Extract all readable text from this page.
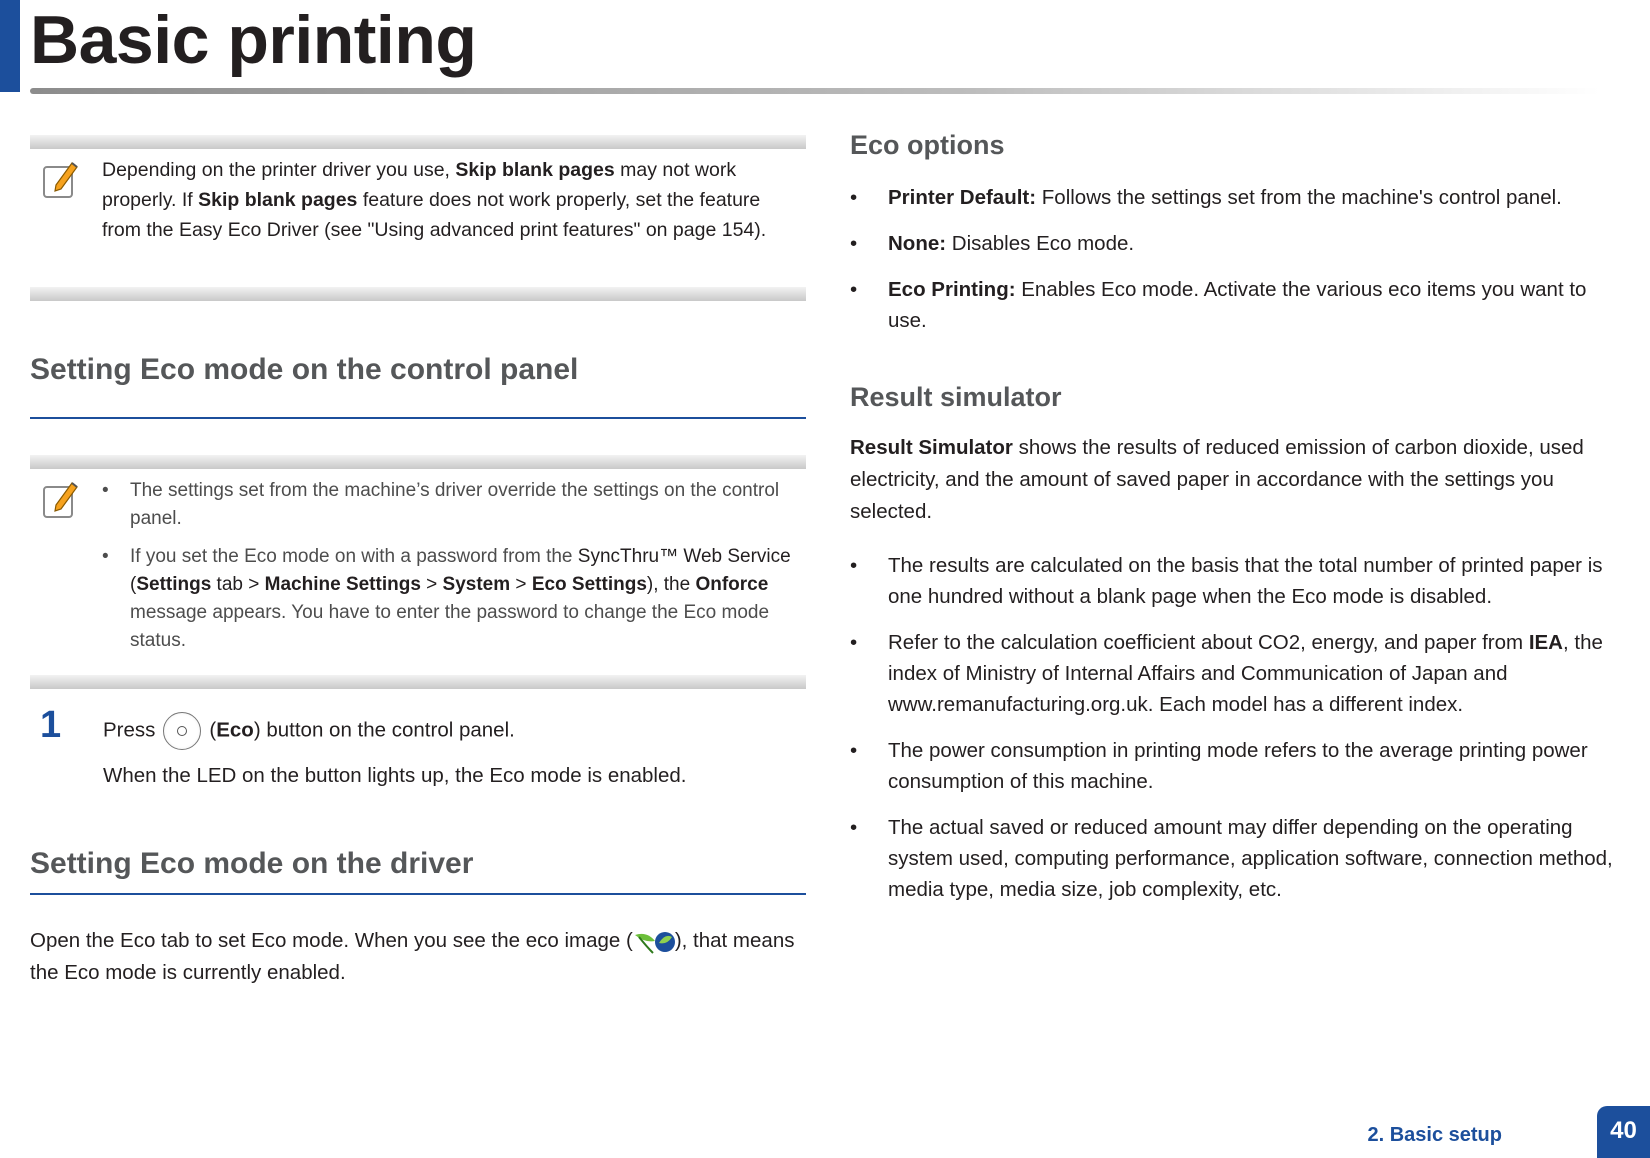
Basic printing
Depending on the printer driver you use, Skip blank pages may not work properly. If Skip blank pages feature does not work properly, set the feature from the Easy Eco Driver (see "Using advanced print features" on page 154).
Setting Eco mode on the control panel
• The settings set from the machine’s driver override the settings on the control panel.
• If you set the Eco mode on with a password from the SyncThru™ Web Service (Settings tab > Machine Settings > System > Eco Settings), the Onforce message appears. You have to enter the password to change the Eco mode status.
1 Press	(Eco) button on the control panel.
When the LED on the button lights up, the Eco mode is enabled.
Setting Eco mode on the driver
Open the Eco tab to set Eco mode. When you see the eco image ( ), that means the Eco mode is currently enabled.
Eco options
• Printer Default: Follows the settings set from the machine's control panel.
• None: Disables Eco mode.
• Eco Printing: Enables Eco mode. Activate the various eco items you want to use.
Result simulator
Result Simulator shows the results of reduced emission of carbon dioxide, used electricity, and the amount of saved paper in accordance with the settings you selected.
• The results are calculated on the basis that the total number of printed paper is one hundred without a blank page when the Eco mode is disabled.
• Refer to the calculation coefficient about CO2, energy, and paper from IEA, the index of Ministry of Internal Affairs and Communication of Japan and www.remanufacturing.org.uk. Each model has a different index.
• The power consumption in printing mode refers to the average printing power consumption of this machine.
• The actual saved or reduced amount may differ depending on the operating system used, computing performance, application software, connection method, media type, media size, job complexity, etc.
2. Basic setup	40
